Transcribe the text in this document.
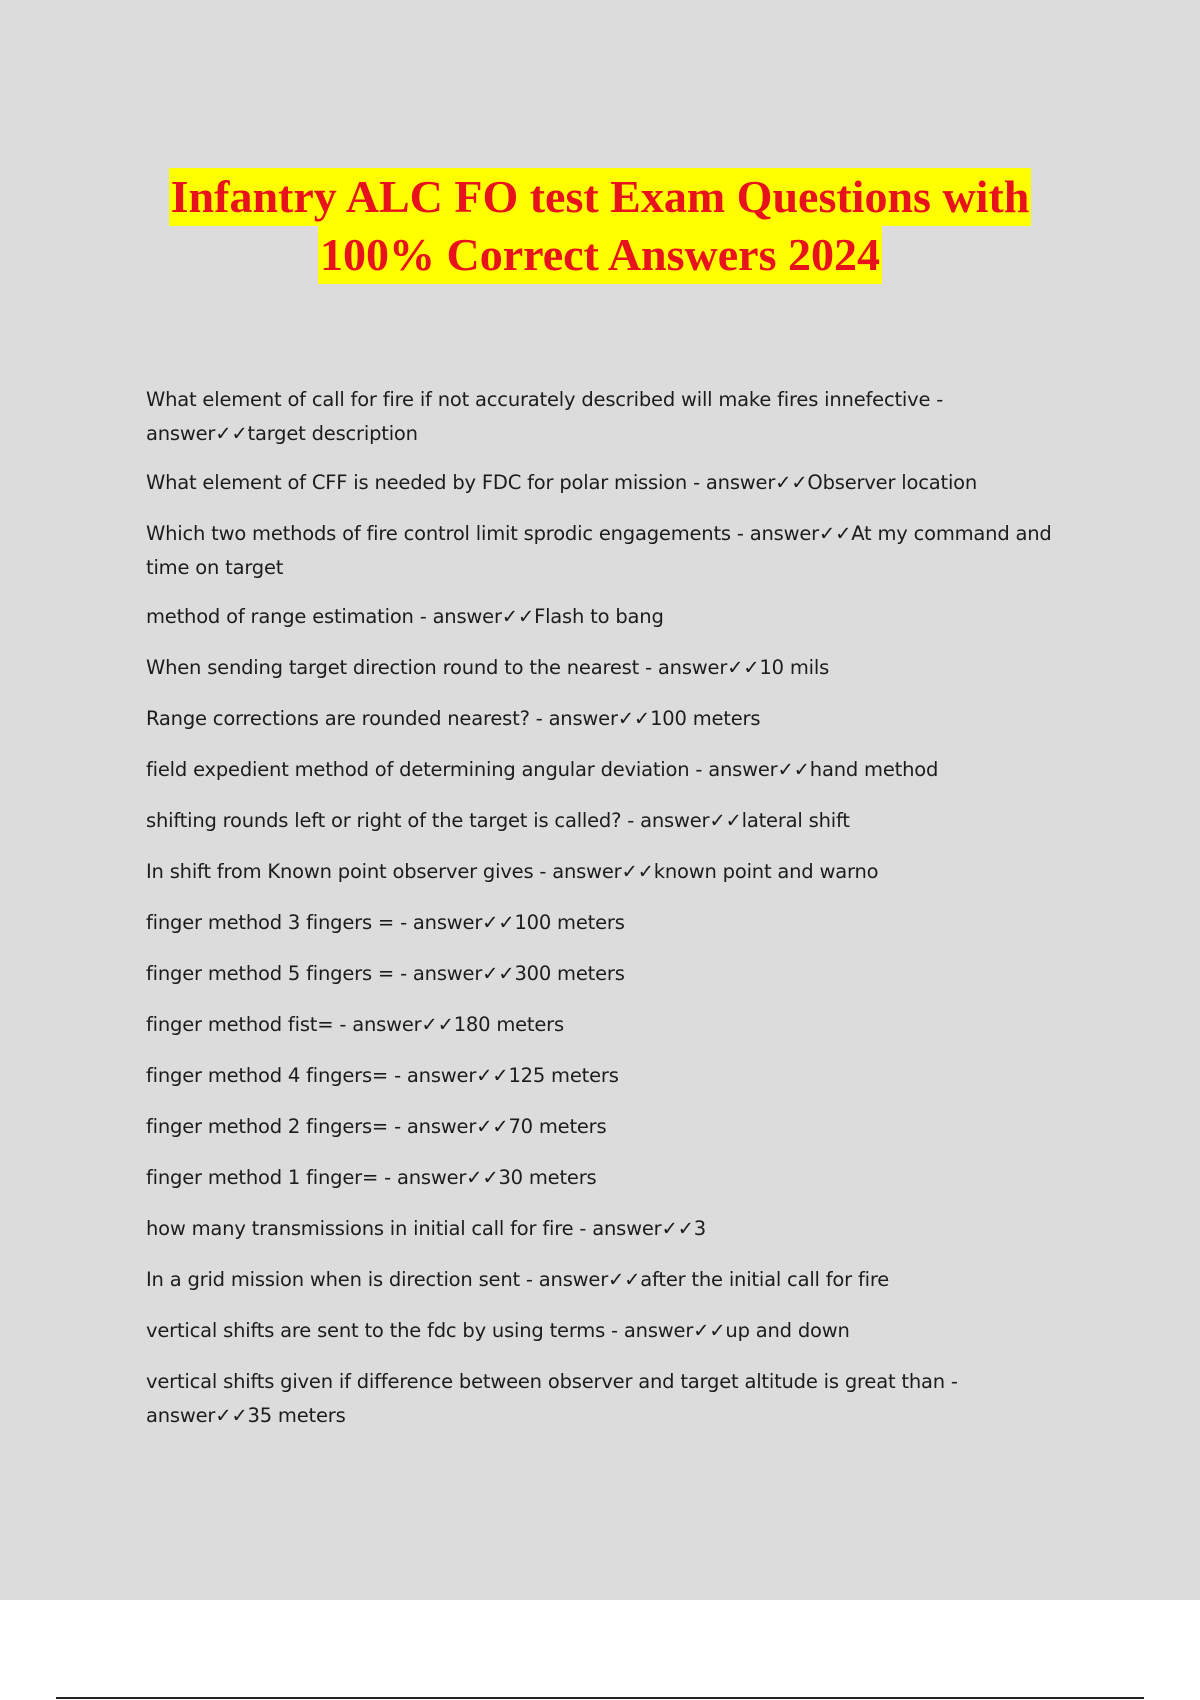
Infantry ALC FO test Exam Questions with
100% Correct Answers 2024
What element of call for fire if not accurately described will make fires innefective -
answer✓✓target description
What element of CFF is needed by FDC for polar mission - answer✓✓Observer location
Which two methods of fire control limit sprodic engagements - answer✓✓At my command and time on target
method of range estimation - answer✓✓Flash to bang
When sending target direction round to the nearest - answer✓✓10 mils
Range corrections are rounded nearest? - answer✓✓100 meters
field expedient method of determining angular deviation - answer✓✓hand method
shifting rounds left or right of the target is called? - answer✓✓lateral shift
In shift from Known point observer gives - answer✓✓known point and warno
finger method 3 fingers = - answer✓✓100 meters
finger method 5 fingers = - answer✓✓300 meters
finger method fist= - answer✓✓180 meters
finger method 4 fingers= - answer✓✓125 meters
finger method 2 fingers= - answer✓✓70 meters
finger method 1 finger= - answer✓✓30 meters
how many transmissions in initial call for fire - answer✓✓3
In a grid mission when is direction sent - answer✓✓after the initial call for fire
vertical shifts are sent to the fdc by using terms - answer✓✓up and down
vertical shifts given if difference between observer and target altitude is great than -
answer✓✓35 meters
